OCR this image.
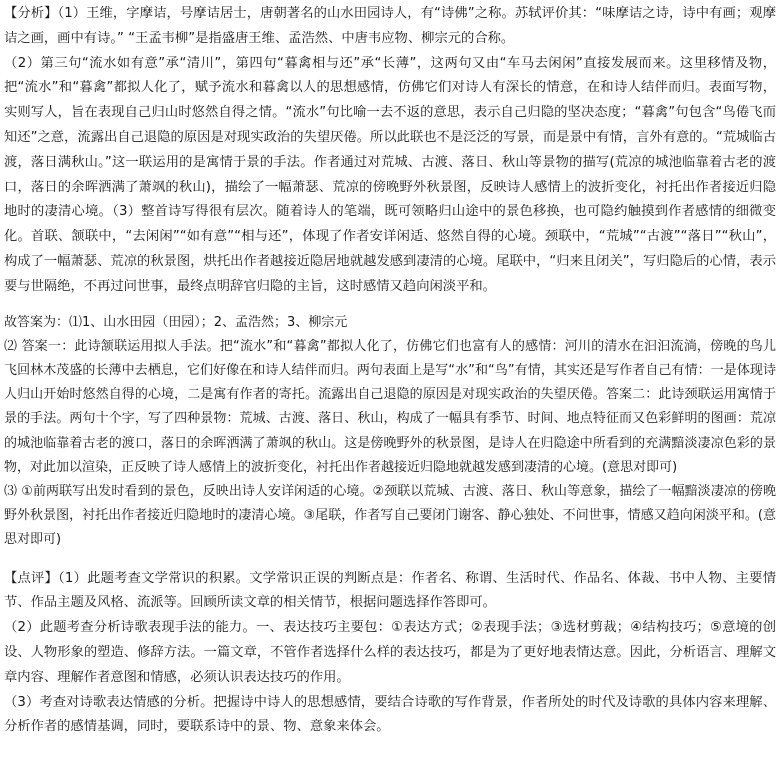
【分析】（1）王维，字摩诘，号摩诘居士，唐朝著名的山水田园诗人，有“诗佛”之称。苏轼评价其：“味摩诘之诗，诗中有画；观摩诘之画，画中有诗。” “王孟韦柳”是指盛唐王维、孟浩然、中唐韦应物、柳宗元的合称。

（2）第三句“流水如有意”承“清川”，第四句“暮禽相与还”承“长薄”，这两句又由“车马去闲闲”直接发展而来。这里移情及物，把“流水”和“暮禽”都拟人化了，赋予流水和暮禽以人的思想感情，仿佛它们对诗人有深长的情意，在和诗人结伴而归。表面写物，实则写人，旨在表现自己归山时悠然自得之情。“流水”句比喻一去不返的意思，表示自己归隐的坚决态度；“暮禽”句包含“鸟倦飞而知还”之意，流露出自己退隐的原因是对现实政治的失望厌倦。所以此联也不是泛泛的写景，而是景中有情，言外有意的。“荒城临古渡，落日满秋山。”这一联运用的是寓情于景的手法。作者通过对荒城、古渡、落日、秋山等景物的描写(荒凉的城池临靠着古老的渡口，落日的余晖洒满了萧飒的秋山)，描绘了一幅萧瑟、荒凉的傍晚野外秋景图，反映诗人感情上的波折变化，衬托出作者接近归隐地时的凄清心境。（3）整首诗写得很有层次。随着诗人的笔端，既可领略归山途中的景色移换，也可隐约触摸到作者感情的细微变化。首联、颔联中，“去闲闲”“如有意”“相与还”，体现了作者安详闲适、悠然自得的心境。颈联中，“荒城”“古渡”“落日”“秋山”，构成了一幅萧瑟、荒凉的秋景图，烘托出作者越接近隐居地就越发感到凄清的心境。尾联中，“归来且闭关”，写归隐后的心情，表示要与世隔绝，不再过问世事，最终点明辞官归隐的主旨，这时感情又趋向闲淡平和。

故答案为：⑴1、山水田园（田园）；2、孟浩然；3、柳宗元

⑵ 答案一：此诗颔联运用拟人手法。把“流水”和“暮禽”都拟人化了，仿佛它们也富有人的感情：河川的清水在汩汩流淌，傍晚的鸟儿飞回林木茂盛的长薄中去栖息，它们好像在和诗人结伴而归。两句表面上是写“水”和“鸟”有情，其实还是写作者自己有情：一是体现诗人归山开始时悠然自得的心境，二是寓有作者的寄托。流露出自己退隐的原因是对现实政治的失望厌倦。答案二：此诗颈联运用寓情于景的手法。两句十个字，写了四种景物：荒城、古渡、落日、秋山，构成了一幅具有季节、时间、地点特征而又色彩鲜明的图画：荒凉的城池临靠着古老的渡口，落日的余晖洒满了萧飒的秋山。这是傍晚野外的秋景图，是诗人在归隐途中所看到的充满黯淡凄凉色彩的景物，对此加以渲染，正反映了诗人感情上的波折变化，衬托出作者越接近归隐地就越发感到凄清的心境。(意思对即可)

⑶ ①前两联写出发时看到的景色，反映出诗人安详闲适的心境。②颈联以荒城、古渡、落日、秋山等意象，描绘了一幅黯淡凄凉的傍晚野外秋景图，衬托出作者接近归隐地时的凄清心境。③尾联，作者写自己要闭门谢客、静心独处、不问世事，情感又趋向闲淡平和。(意思对即可)

【点评】（1）此题考查文学常识的积累。文学常识正误的判断点是：作者名、称谓、生活时代、作品名、体裁、书中人物、主要情节、作品主题及风格、流派等。回顾所读文章的相关情节，根据问题选择作答即可。

（2）此题考查分析诗歌表现手法的能力。一、表达技巧主要包：①表达方式；②表现手法；③选材剪裁；④结构技巧；⑤意境的创设、人物形象的塑造、修辞方法。一篇文章，不管作者选择什么样的表达技巧，都是为了更好地表情达意。因此，分析语言、理解文章内容、理解作者意图和情感，必须认识表达技巧的作用。

（3）考查对诗歌表达情感的分析。把握诗中诗人的思想感情，要结合诗歌的写作背景，作者所处的时代及诗歌的具体内容来理解、分析作者的感情基调，同时，要联系诗中的景、物、意象来体会。
